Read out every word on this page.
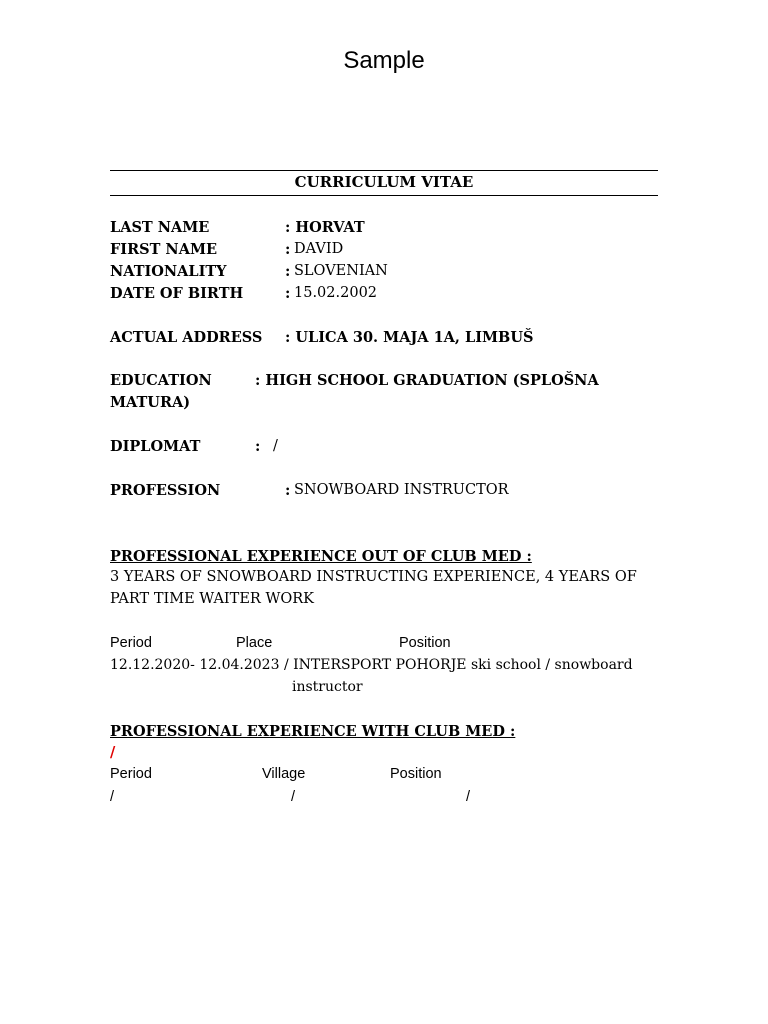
Sample
CURRICULUM VITAE
LAST NAME	: HORVAT
FIRST NAME	: DAVID
NATIONALITY	: SLOVENIAN
DATE OF BIRTH	: 15.02.2002
ACTUAL ADDRESS : ULICA 30. MAJA 1A, LIMBUŠ
EDUCATION	: HIGH SCHOOL GRADUATION (SPLOŠNA
MATURA)
DIPLOMAT	: /
PROFESSION	: SNOWBOARD INSTRUCTOR
PROFESSIONAL EXPERIENCE OUT OF CLUB MED :
3 YEARS OF SNOWBOARD INSTRUCTING EXPERIENCE, 4 YEARS OF
PART TIME WAITER WORK
Period	Place	Position
12.12.2020- 12.04.2023 / INTERSPORT POHORJE ski school / snowboard
instructor
PROFESSIONAL EXPERIENCE WITH CLUB MED :
/
Period	Village	Position
/	/	/
